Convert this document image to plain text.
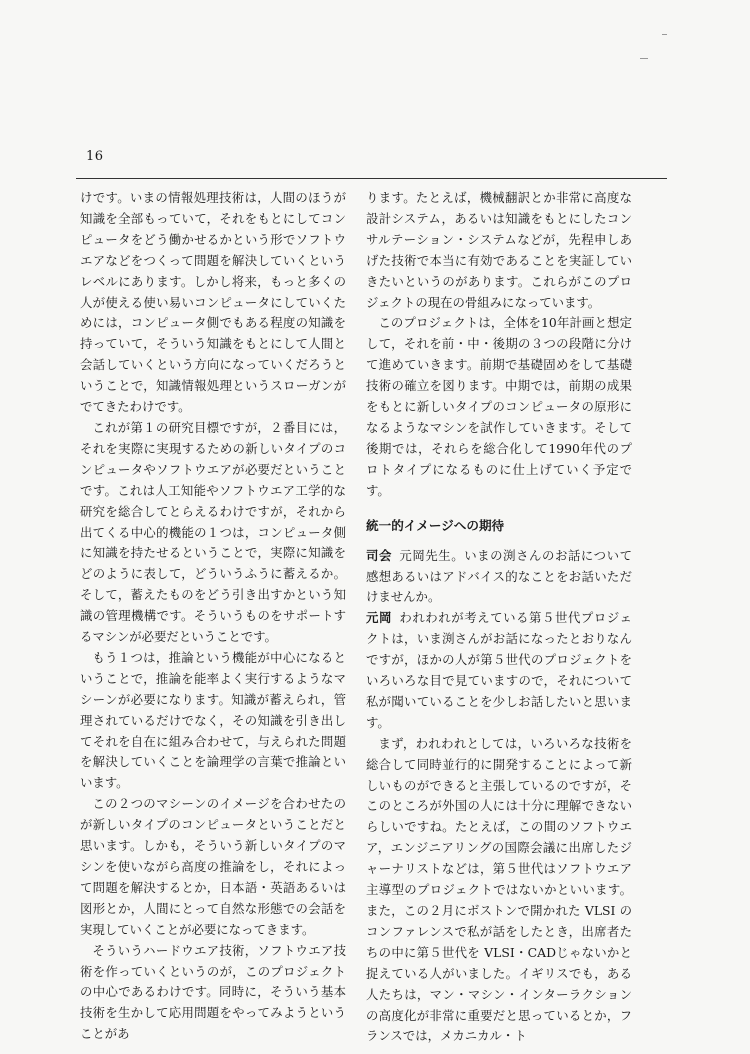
16

けです。いまの情報処理技術は，人間のほうが知識を全部もっていて，それをもとにしてコンピュータをどう働かせるかという形でソフトウエアなどをつくって問題を解決していくというレベルにあります。しかし将来，もっと多くの人が使える使い易いコンピュータにしていくためには，コンピュータ側でもある程度の知識を持っていて，そういう知識をもとにして人間と会話していくという方向になっていくだろうということで，知識情報処理というスローガンがでてきたわけです。

これが第１の研究目標ですが，２番目には，それを実際に実現するための新しいタイプのコンピュータやソフトウエアが必要だということです。これは人工知能やソフトウエア工学的な研究を総合してとらえるわけですが，それから出てくる中心的機能の１つは，コンピュータ側に知識を持たせるということで，実際に知識をどのように表して，どういうふうに蓄えるか。そして，蓄えたものをどう引き出すかという知識の管理機構です。そういうものをサポートするマシンが必要だということです。

もう１つは，推論という機能が中心になるということで，推論を能率よく実行するようなマシーンが必要になります。知識が蓄えられ，管理されているだけでなく，その知識を引き出してそれを自在に組み合わせて，与えられた問題を解決していくことを論理学の言葉で推論といいます。

この２つのマシーンのイメージを合わせたのが新しいタイプのコンピュータということだと思います。しかも，そういう新しいタイプのマシンを使いながら高度の推論をし，それによって問題を解決するとか，日本語・英語あるいは図形とか，人間にとって自然な形態での会話を実現していくことが必要になってきます。

そういうハードウエア技術，ソフトウエア技術を作っていくというのが，このプロジェクトの中心であるわけです。同時に，そういう基本技術を生かして応用問題をやってみようということがあ

ります。たとえば，機械翻訳とか非常に高度な設計システム，あるいは知識をもとにしたコンサルテーション・システムなどが，先程申しあげた技術で本当に有効であることを実証していきたいというのがあります。これらがこのプロジェクトの現在の骨組みになっています。

このプロジェクトは，全体を10年計画と想定して，それを前・中・後期の３つの段階に分けて進めていきます。前期で基礎固めをして基礎技術の確立を図ります。中期では，前期の成果をもとに新しいタイプのコンピュータの原形になるようなマシンを試作していきます。そして後期では，それらを総合化して1990年代のプロトタイプになるものに仕上げていく予定です。

統一的イメージへの期待

司会 元岡先生。いまの渕さんのお話について感想あるいはアドバイス的なことをお話いただけませんか。

元岡 われわれが考えている第５世代プロジェクトは，いま渕さんがお話になったとおりなんですが，ほかの人が第５世代のプロジェクトをいろいろな目で見ていますので，それについて私が聞いていることを少しお話したいと思います。

まず，われわれとしては，いろいろな技術を総合して同時並行的に開発することによって新しいものができると主張しているのですが，そこのところが外国の人には十分に理解できないらしいですね。たとえば，この間のソフトウエア，エンジニアリングの国際会議に出席したジャーナリストなどは，第５世代はソフトウエア主導型のプロジェクトではないかといいます。また，この２月にボストンで開かれた VLSI のコンファレンスで私が話をしたとき，出席者たちの中に第５世代を VLSI・CADじゃないかと捉えている人がいました。イギリスでも，ある人たちは，マン・マシン・インターラクションの高度化が非常に重要だと思っているとか，フランスでは，メカニカル・ト
